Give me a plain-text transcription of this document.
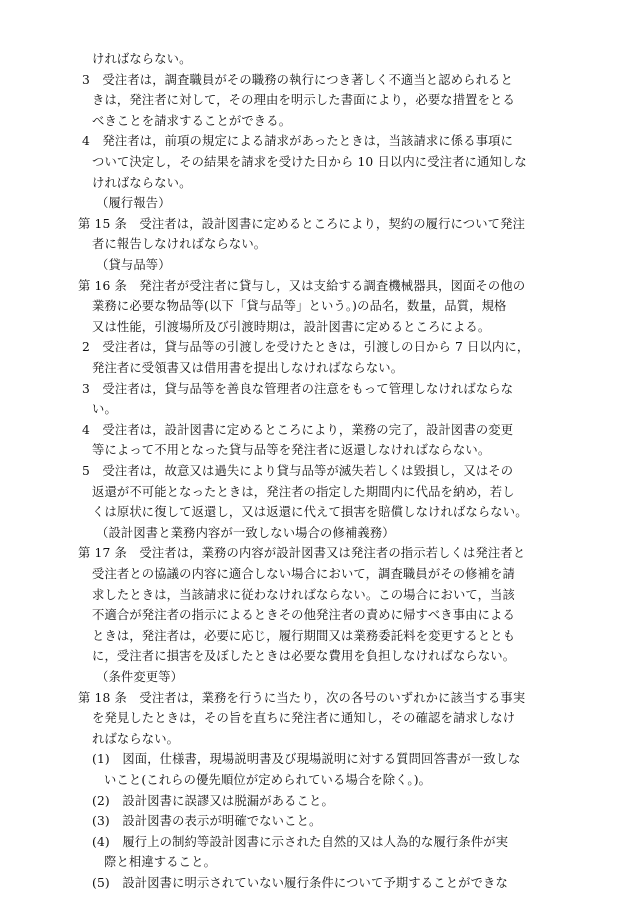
ければならない。
3　受注者は，調査職員がその職務の執行につき著しく不適当と認められると
きは，発注者に対して，その理由を明示した書面により，必要な措置をとる
べきことを請求することができる。
4　発注者は，前項の規定による請求があったときは，当該請求に係る事項に
ついて決定し，その結果を請求を受けた日から 10 日以内に受注者に通知しな
ければならない。
（履行報告）
第 15 条　受注者は，設計図書に定めるところにより，契約の履行について発注
者に報告しなければならない。
（貸与品等）
第 16 条　発注者が受注者に貸与し，又は支給する調査機械器具，図面その他の
業務に必要な物品等(以下「貸与品等」という。)の品名，数量，品質，規格
又は性能，引渡場所及び引渡時期は，設計図書に定めるところによる。
2　受注者は，貸与品等の引渡しを受けたときは，引渡しの日から 7 日以内に，
発注者に受領書又は借用書を提出しなければならない。
3　受注者は，貸与品等を善良な管理者の注意をもって管理しなければならな
い。
4　受注者は，設計図書に定めるところにより，業務の完了，設計図書の変更
等によって不用となった貸与品等を発注者に返還しなければならない。
5　受注者は，故意又は過失により貸与品等が滅失若しくは毀損し，又はその
返還が不可能となったときは，発注者の指定した期間内に代品を納め，若し
くは原状に復して返還し，又は返還に代えて損害を賠償しなければならない。
（設計図書と業務内容が一致しない場合の修補義務）
第 17 条　受注者は，業務の内容が設計図書又は発注者の指示若しくは発注者と
受注者との協議の内容に適合しない場合において，調査職員がその修補を請
求したときは，当該請求に従わなければならない。この場合において，当該
不適合が発注者の指示によるときその他発注者の責めに帰すべき事由による
ときは，発注者は，必要に応じ，履行期間又は業務委託料を変更するととも
に，受注者に損害を及ぼしたときは必要な費用を負担しなければならない。
（条件変更等）
第 18 条　受注者は，業務を行うに当たり，次の各号のいずれかに該当する事実
を発見したときは，その旨を直ちに発注者に通知し，その確認を請求しなけ
ればならない。
(1)　図面，仕様書，現場説明書及び現場説明に対する質問回答書が一致しな
いこと(これらの優先順位が定められている場合を除く。)。
(2)　設計図書に誤謬又は脱漏があること。
(3)　設計図書の表示が明確でないこと。
(4)　履行上の制約等設計図書に示された自然的又は人為的な履行条件が実
際と相違すること。
(5)　設計図書に明示されていない履行条件について予期することができな
